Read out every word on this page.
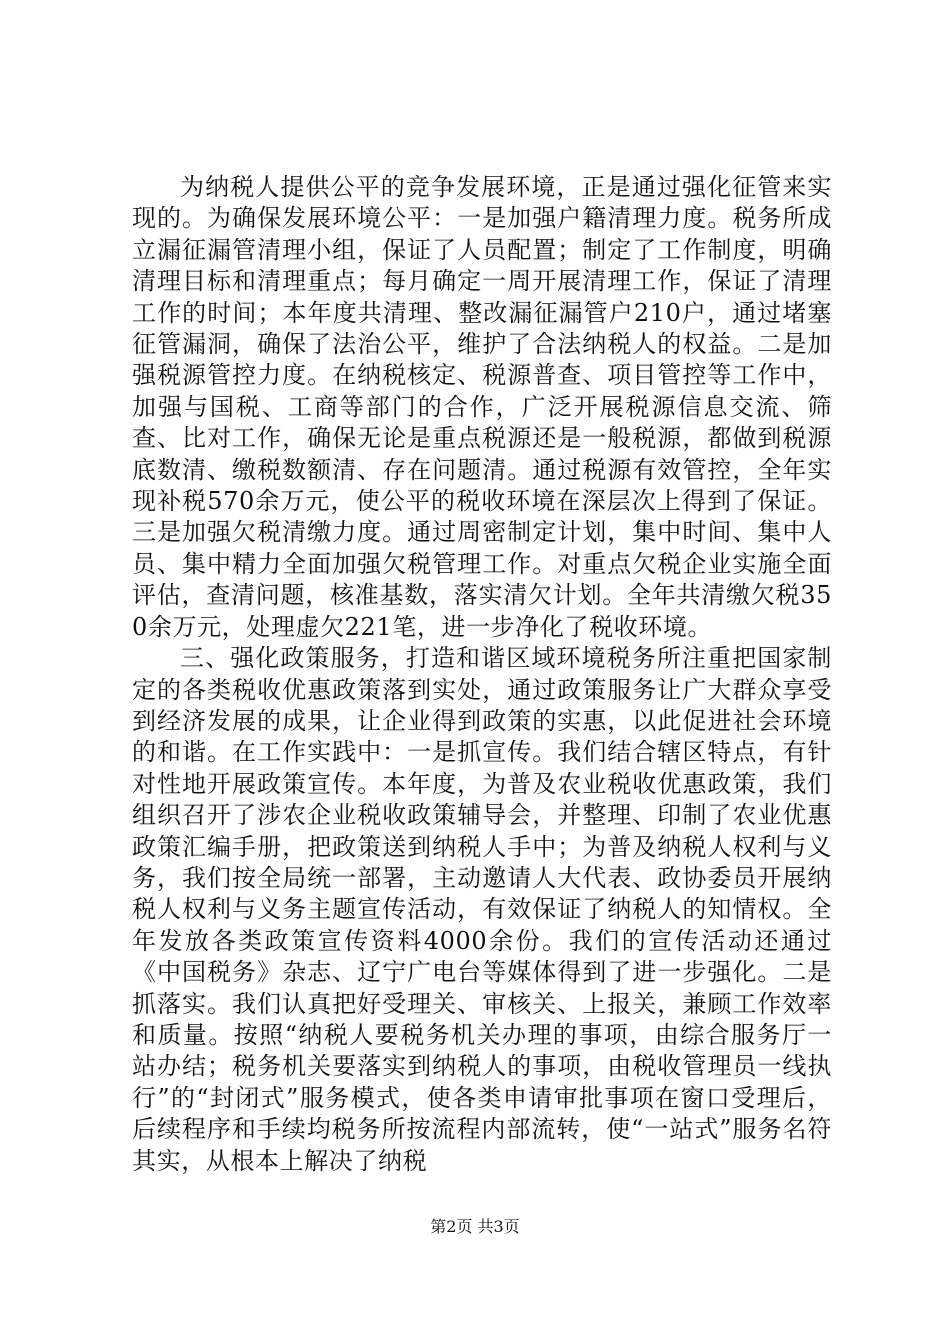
为纳税人提供公平的竞争发展环境，正是通过强化征管来实现的。为确保发展环境公平：一是加强户籍清理力度。税务所成立漏征漏管清理小组，保证了人员配置；制定了工作制度，明确清理目标和清理重点；每月确定一周开展清理工作，保证了清理工作的时间；本年度共清理、整改漏征漏管户210户，通过堵塞征管漏洞，确保了法治公平，维护了合法纳税人的权益。二是加强税源管控力度。在纳税核定、税源普查、项目管控等工作中，加强与国税、工商等部门的合作，广泛开展税源信息交流、筛查、比对工作，确保无论是重点税源还是一般税源，都做到税源底数清、缴税数额清、存在问题清。通过税源有效管控，全年实现补税570余万元，使公平的税收环境在深层次上得到了保证。三是加强欠税清缴力度。通过周密制定计划，集中时间、集中人员、集中精力全面加强欠税管理工作。对重点欠税企业实施全面评估，查清问题，核准基数，落实清欠计划。全年共清缴欠税350余万元，处理虚欠221笔，进一步净化了税收环境。

三、强化政策服务，打造和谐区域环境税务所注重把国家制定的各类税收优惠政策落到实处，通过政策服务让广大群众享受到经济发展的成果，让企业得到政策的实惠，以此促进社会环境的和谐。在工作实践中：一是抓宣传。我们结合辖区特点，有针对性地开展政策宣传。本年度，为普及农业税收优惠政策，我们组织召开了涉农企业税收政策辅导会，并整理、印制了农业优惠政策汇编手册，把政策送到纳税人手中；为普及纳税人权利与义务，我们按全局统一部署，主动邀请人大代表、政协委员开展纳税人权利与义务主题宣传活动，有效保证了纳税人的知情权。全年发放各类政策宣传资料4000余份。我们的宣传活动还通过《中国税务》杂志、辽宁广电台等媒体得到了进一步强化。二是抓落实。我们认真把好受理关、审核关、上报关，兼顾工作效率和质量。按照“纳税人要税务机关办理的事项，由综合服务厅一站办结；税务机关要落实到纳税人的事项，由税收管理员一线执行”的“封闭式”服务模式，使各类申请审批事项在窗口受理后，后续程序和手续均税务所按流程内部流转，使“一站式”服务名符其实，从根本上解决了纳税

第2页 共3页
